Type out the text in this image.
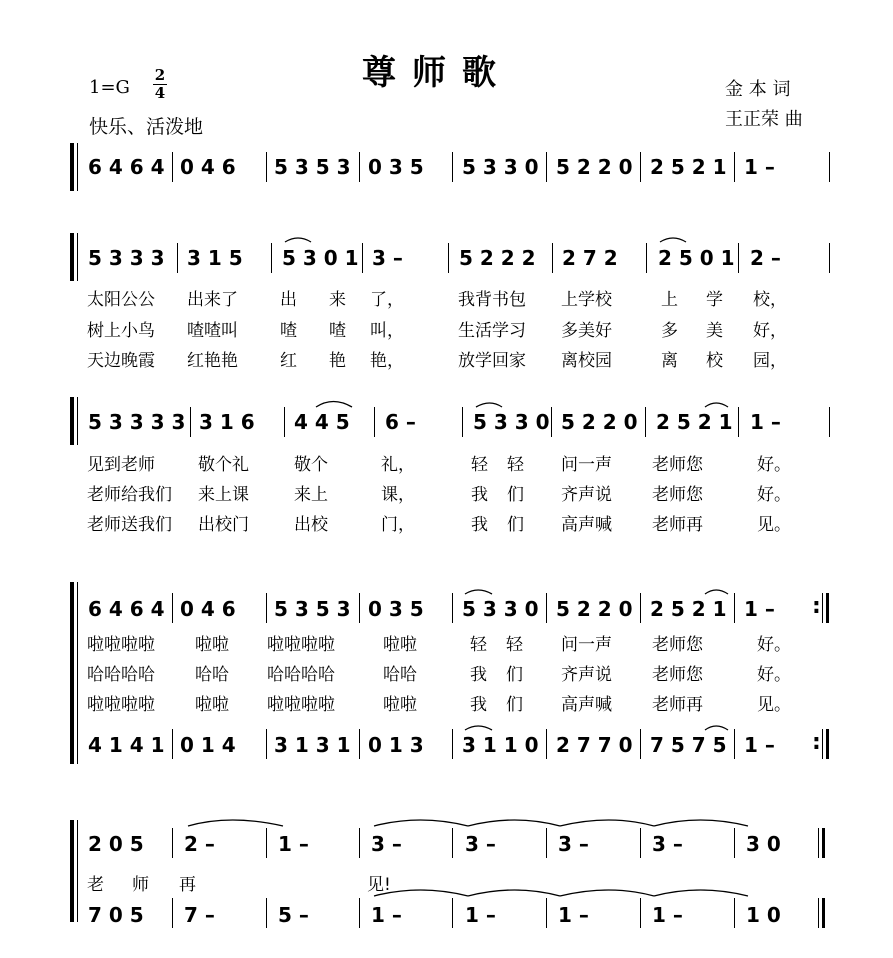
尊师歌
1=G
2
4
快乐、活泼地
金 本 词
王正荣 曲
6 4 6 4 0 4 6 5 3 5 3 0 3 5 5 3 3 0 5 2 2 0 2 5 2 1 1 –
5 3 3 3 3 1 5 5 3 0 1 3 –	5 2 2 2 2 7 2 2 5 0 1 2 –
太阳公公 出来了 出 来 了，	我背书包 上学校	上 学 校，
树上小鸟 喳喳叫 喳 喳 叫，	生活学习 多美好	多 美 好，
天边晚霞 红艳艳 红 艳 艳，	放学回家 离校园	离 校 园，
5 3 3 3 3 3 1 6 4 4 5 6 –	5 3 3 0 5 2 2 0 2 5 2 1 1 –
见到老师	敬个礼	敬个	礼，	轻 轻 问一声 老师您	好。
老师给我们 来上课	来上	课，	我 们 齐声说 老师您	好。
老师送我们 出校门	出校	门，	我 们 高声喊 老师再	见。
6 4 6 4 0 4 6 5 3 5 3 0 3 5 5 3 3 0 5 2 2 0 2 5 2 1 1 – :
啦啦啦啦 啦啦 啦啦啦啦	啦啦	轻 轻 问一声 老师您	好。
哈哈哈哈 哈哈 哈哈哈哈	哈哈	我 们 齐声说 老师您	好。
啦啦啦啦 啦啦 啦啦啦啦	啦啦	我 们 高声喊 老师再	见。
4 1 4 1 0 1 4 3 1 3 1 0 1 3 3 1 1 0 2 7 7 0 7 5 7 5 1 – :
2 0 5 2 –	1 –	3 –	3 –	3 –	3 –	3 0
老 师 再	见!
7 0 5 7 –	5 –	1 –	1 –	1 –	1 –	1 0
